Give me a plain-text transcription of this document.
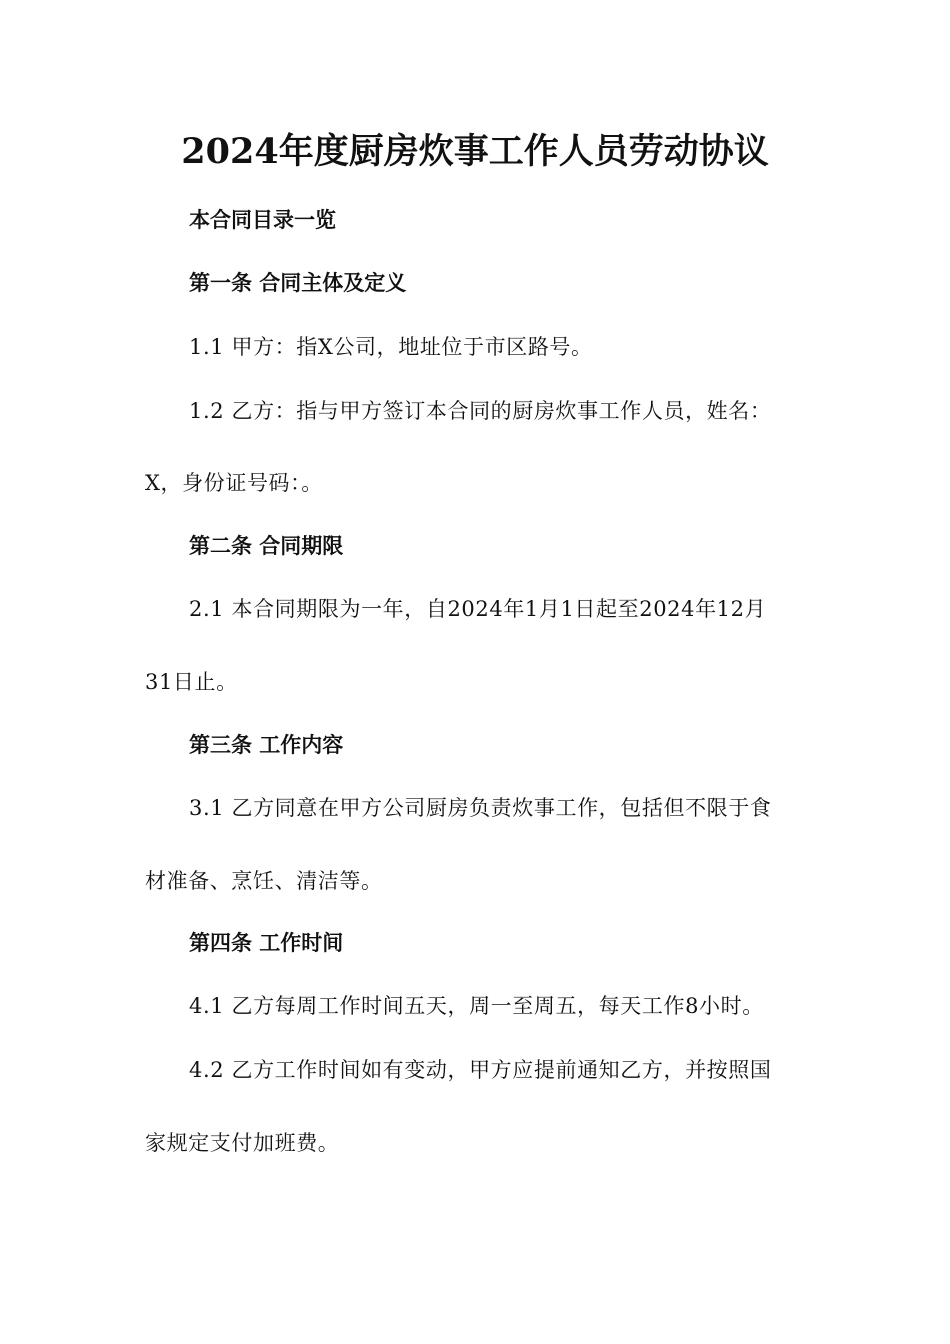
2024年度厨房炊事工作人员劳动协议
本合同目录一览
第一条 合同主体及定义
1.1 甲方：指X公司，地址位于市区路号。
1.2 乙方：指与甲方签订本合同的厨房炊事工作人员，姓名：
X，身份证号码：。
第二条 合同期限
2.1 本合同期限为一年，自2024年1月1日起至2024年12月
31日止。
第三条 工作内容
3.1 乙方同意在甲方公司厨房负责炊事工作，包括但不限于食
材准备、烹饪、清洁等。
第四条 工作时间
4.1 乙方每周工作时间五天，周一至周五，每天工作8小时。
4.2 乙方工作时间如有变动，甲方应提前通知乙方，并按照国
家规定支付加班费。
